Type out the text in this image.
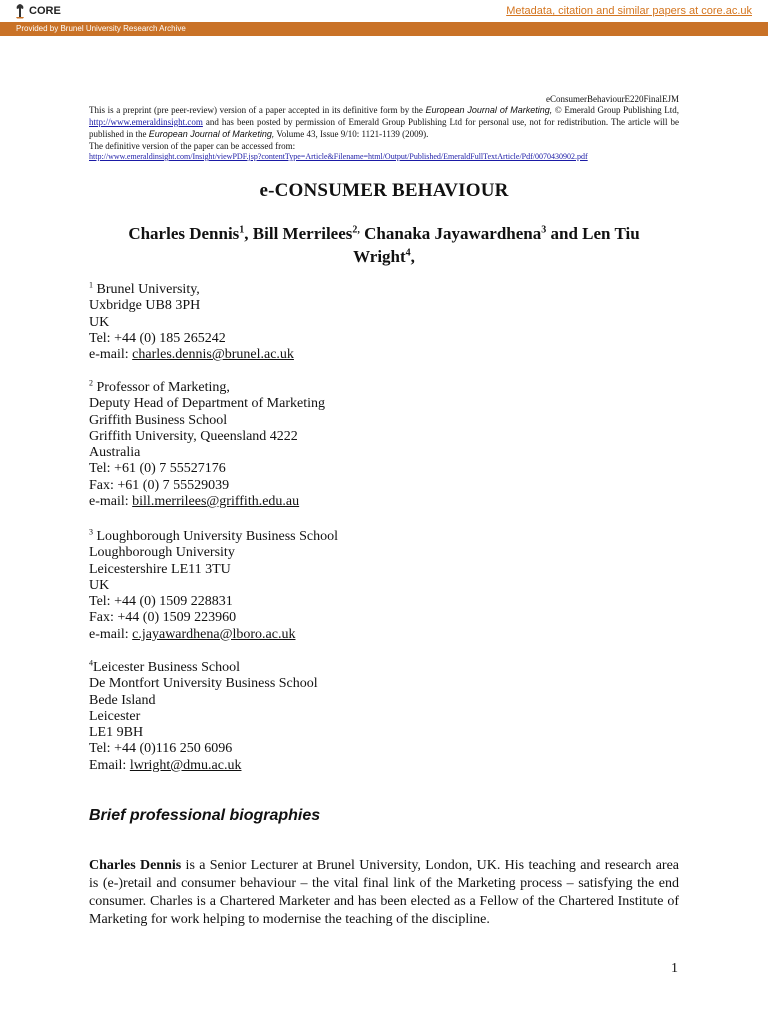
CORE	Metadata, citation and similar papers at core.ac.uk
Provided by Brunel University Research Archive
eConsumerBehaviourE220FinalEJM
This is a preprint (pre peer-review) version of a paper accepted in its definitive form by the European Journal of Marketing, © Emerald Group Publishing Ltd, http://www.emeraldinsight.com and has been posted by permission of Emerald Group Publishing Ltd for personal use, not for redistribution. The article will be published in the European Journal of Marketing, Volume 43, Issue 9/10: 1121-1139 (2009).
The definitive version of the paper can be accessed from:
http://www.emeraldinsight.com/Insight/viewPDF.jsp?contentType=Article&Filename=html/Output/Published/EmeraldFullTextArticle/Pdf/0070430902.pdf
e-CONSUMER BEHAVIOUR
Charles Dennis$^1$, Bill Merrilees$^{2,}$ Chanaka Jayawardhena$^3$ and Len Tiu Wright$^4$,
$^1$ Brunel University,
Uxbridge UB8 3PH
UK
Tel: +44 (0) 185 265242
e-mail: charles.dennis@brunel.ac.uk
$^2$ Professor of Marketing,
Deputy Head of Department of Marketing
Griffith Business School
Griffith University, Queensland 4222
Australia
Tel: +61 (0) 7 55527176
Fax: +61 (0) 7 55529039
e-mail: bill.merrilees@griffith.edu.au
$^3$ Loughborough University Business School
Loughborough University
Leicestershire LE11 3TU
UK
Tel: +44 (0) 1509 228831
Fax: +44 (0) 1509 223960
e-mail: c.jayawardhena@lboro.ac.uk
$^4$Leicester Business School
De Montfort University Business School
Bede Island
Leicester
LE1 9BH
Tel: +44 (0)116 250 6096
Email: lwright@dmu.ac.uk
Brief professional biographies
Charles Dennis is a Senior Lecturer at Brunel University, London, UK. His teaching and research area is (e-)retail and consumer behaviour – the vital final link of the Marketing process – satisfying the end consumer. Charles is a Chartered Marketer and has been elected as a Fellow of the Chartered Institute of Marketing for work helping to modernise the teaching of the discipline.
1
